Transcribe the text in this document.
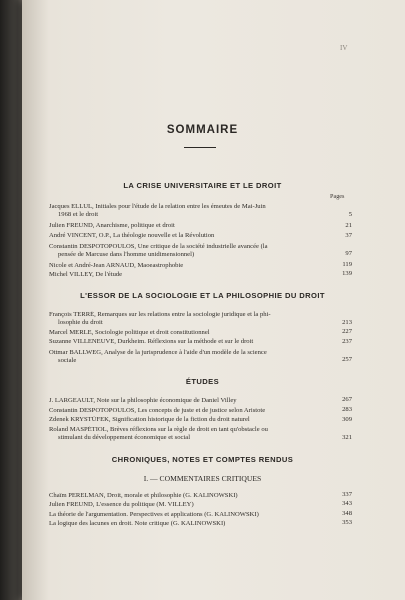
IV
SOMMAIRE
LA CRISE UNIVERSITAIRE ET LE DROIT
Pages
Jacques ELLUL, Initiales pour l'étude de la relation entre les émeutes de Mai-Juin
1968 et le droit	5
Julien FREUND, Anarchisme, politique et droit	21
André VINCENT, O.P., La théologie nouvelle et la Révolution	37
Constantin DESPOTOPOULOS, Une critique de la société industrielle avancée (la
pensée de Marcuse dans l'homme unidimensionnel)	97
Nicole et André-Jean ARNAUD, Maoeastrophobie	119
Michel VILLEY, De l'étude	139
L'ESSOR DE LA SOCIOLOGIE ET LA PHILOSOPHIE DU DROIT
François TERRÉ, Remarques sur les relations entre la sociologie juridique et la phi-
losophie du droit	213
Marcel MERLE, Sociologie politique et droit constitutionnel	227
Suzanne VILLENEUVE, Durkheim. Réflexions sur la méthode et sur le droit	237
Ottmar BALLWEG, Analyse de la jurisprudence à l'aide d'un modèle de la science
sociale	257
ÉTUDES
J. LARGEAULT, Note sur la philosophie économique de Daniel Villey	267
Constantin DESPOTOPOULOS, Les concepts de juste et de justice selon Aristote	283
Zdenek KRYSTŮFEK, Signification historique de la fiction du droit naturel	309
Roland MASPÉTIOL, Brèves réflexions sur la règle de droit en tant qu'obstacle ou
stimulant du développement économique et social	321
CHRONIQUES, NOTES ET COMPTES RENDUS
I. — COMMENTAIRES CRITIQUES
Chaïm PERELMAN, Droit, morale et philosophie (G. KALINOWSKI)	337
Julien FREUND, L'essence du politique (M. VILLEY)	343
La théorie de l'argumentation. Perspectives et applications (G. KALINOWSKI)	348
La logique des lacunes en droit. Note critique (G. KALINOWSKI)	353
